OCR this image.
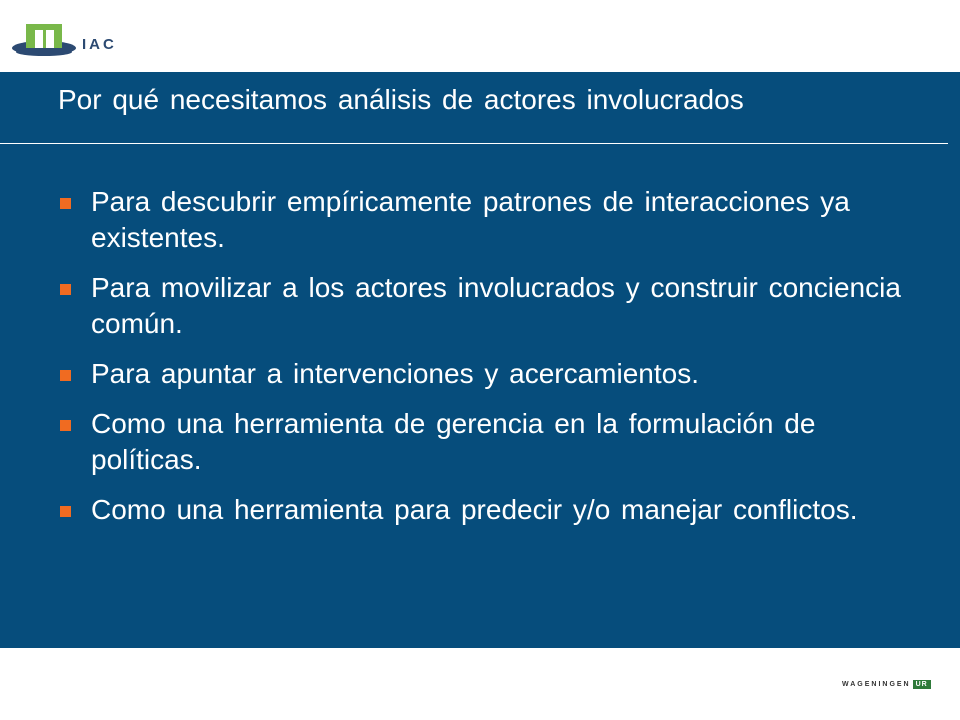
IAC
Por qué necesitamos análisis de actores involucrados
Para descubrir empíricamente patrones de interacciones ya existentes.
Para movilizar a los actores involucrados y construir conciencia común.
Para apuntar a intervenciones y acercamientos.
Como una herramienta de gerencia en la formulación de políticas.
Como una herramienta para predecir y/o manejar conflictos.
WAGENINGEN UR
